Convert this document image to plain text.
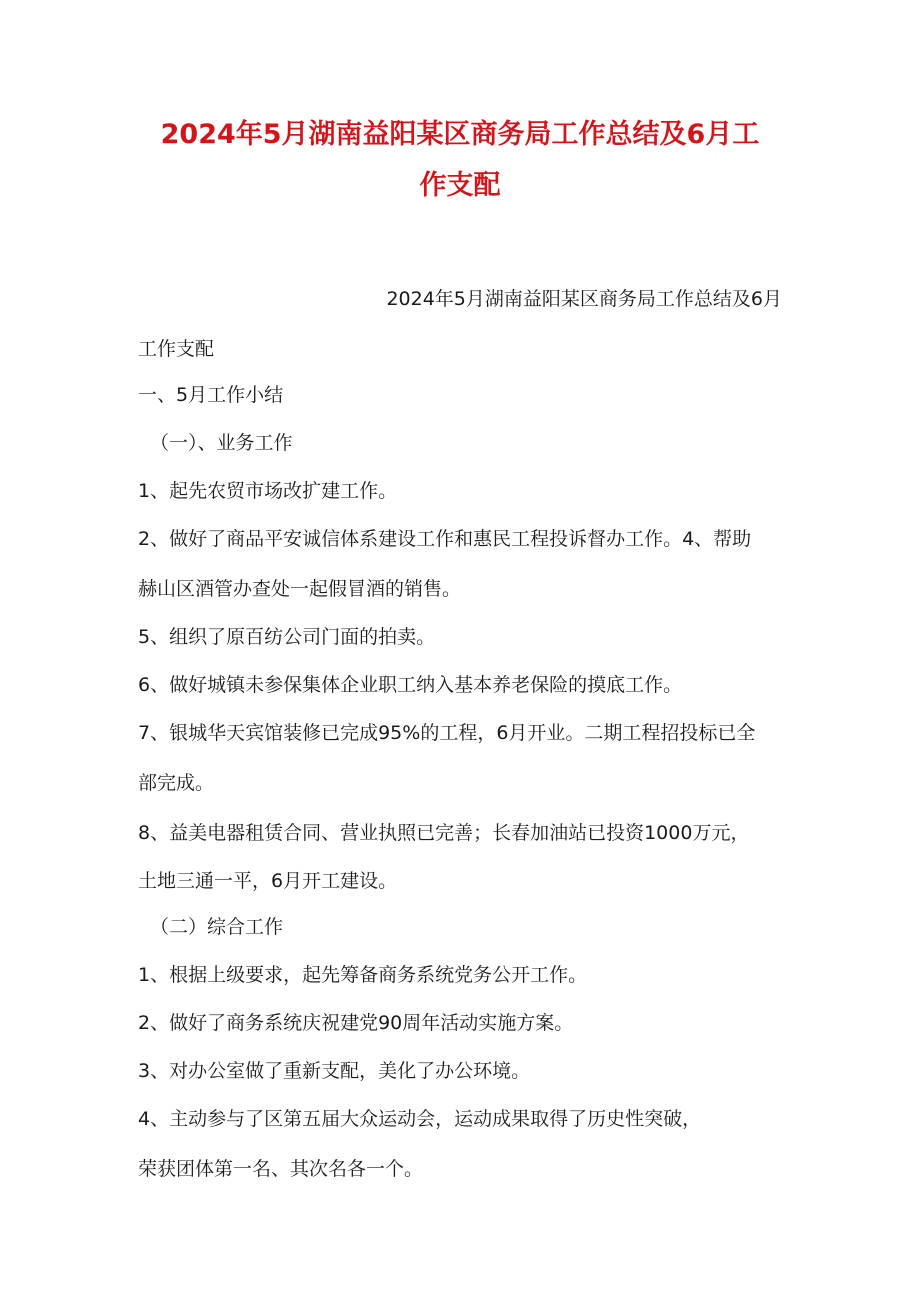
2024年5月湖南益阳某区商务局工作总结及6月工
作支配

2024年5月湖南益阳某区商务局工作总结及6月

工作支配

一、5月工作小结

（一）、业务工作

1、起先农贸市场改扩建工作。

2、做好了商品平安诚信体系建设工作和惠民工程投诉督办工作。4、帮助

赫山区酒管办查处一起假冒酒的销售。

5、组织了原百纺公司门面的拍卖。

6、做好城镇未参保集体企业职工纳入基本养老保险的摸底工作。

7、银城华天宾馆装修已完成95%的工程，6月开业。二期工程招投标已全

部完成。

8、益美电器租赁合同、营业执照已完善；长春加油站已投资1000万元，

土地三通一平，6月开工建设。

（二）综合工作

1、根据上级要求，起先筹备商务系统党务公开工作。

2、做好了商务系统庆祝建党90周年活动实施方案。

3、对办公室做了重新支配，美化了办公环境。

4、主动参与了区第五届大众运动会，运动成果取得了历史性突破，

荣获团体第一名、其次名各一个。
